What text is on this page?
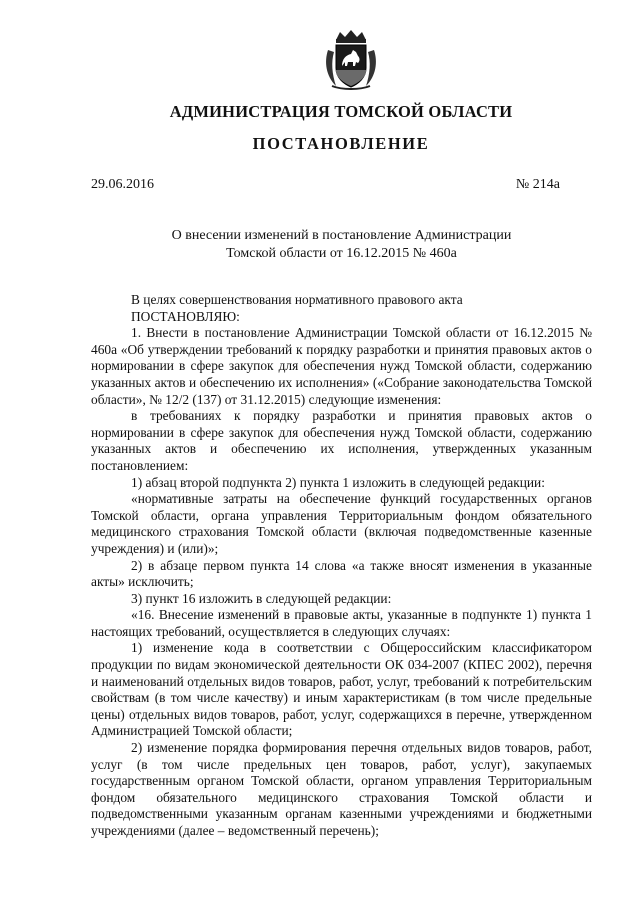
АДМИНИСТРАЦИЯ ТОМСКОЙ ОБЛАСТИ
ПОСТАНОВЛЕНИЕ
29.06.2016	№ 214а
О внесении изменений в постановление Администрации
Томской области от 16.12.2015 № 460а

В целях совершенствования нормативного правового акта

ПОСТАНОВЛЯЮ:

1. Внести в постановление Администрации Томской области от 16.12.2015 № 460а «Об утверждении требований к порядку разработки и принятия правовых актов о нормировании в сфере закупок для обеспечения нужд Томской области, содержанию указанных актов и обеспечению их исполнения» («Собрание законодательства Томской области», № 12/2 (137) от 31.12.2015) следующие изменения:

в требованиях к порядку разработки и принятия правовых актов о нормировании в сфере закупок для обеспечения нужд Томской области, содержанию указанных актов и обеспечению их исполнения, утвержденных указанным постановлением:

1) абзац второй подпункта 2) пункта 1 изложить в следующей редакции:

«нормативные затраты на обеспечение функций государственных органов Томской области, органа управления Территориальным фондом обязательного медицинского страхования Томской области (включая подведомственные казенные учреждения) и (или)»;

2) в абзаце первом пункта 14 слова «а также вносят изменения в указанные акты» исключить;

3) пункт 16 изложить в следующей редакции:

«16. Внесение изменений в правовые акты, указанные в подпункте 1) пункта 1 настоящих требований, осуществляется в следующих случаях:

1) изменение кода в соответствии с Общероссийским классификатором продукции по видам экономической деятельности ОК 034-2007 (КПЕС 2002), перечня и наименований отдельных видов товаров, работ, услуг, требований к потребительским свойствам (в том числе качеству) и иным характеристикам (в том числе предельные цены) отдельных видов товаров, работ, услуг, содержащихся в перечне, утвержденном Администрацией Томской области;

2) изменение порядка формирования перечня отдельных видов товаров, работ, услуг (в том числе предельных цен товаров, работ, услуг), закупаемых государственным органом Томской области, органом управления Территориальным фондом обязательного медицинского страхования Томской области и подведомственными указанным органам казенными учреждениями и бюджетными учреждениями (далее – ведомственный перечень);
